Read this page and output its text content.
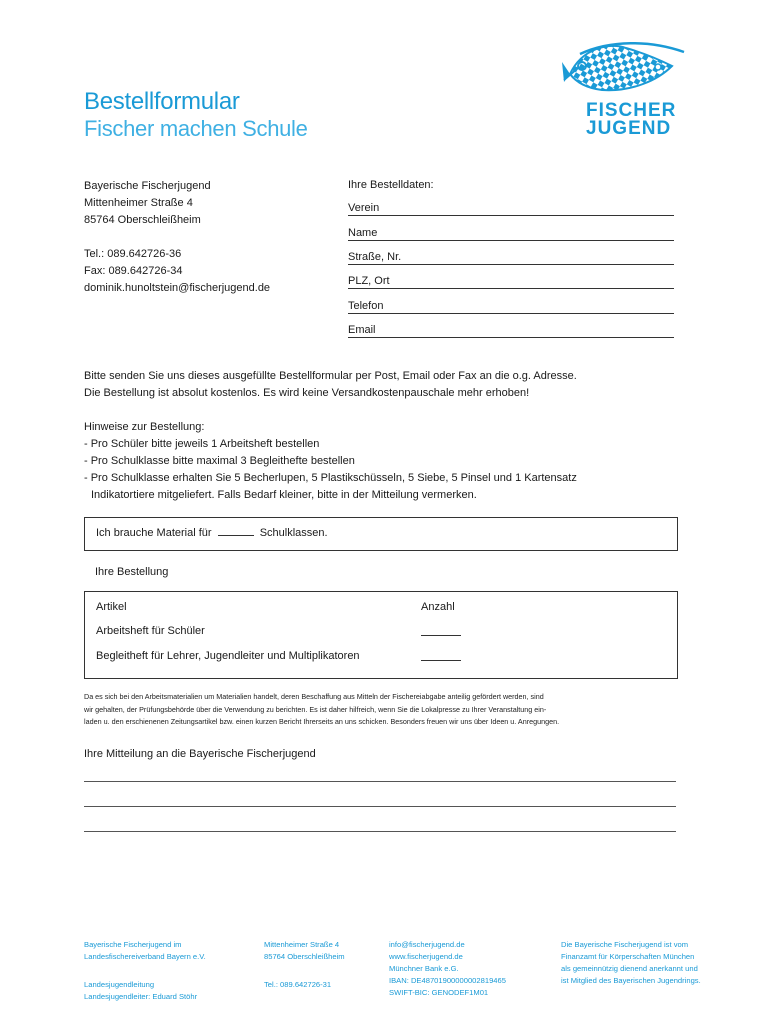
Bestellformular
Fischer machen Schule
FISCHER
JUGEND
Bayerische Fischerjugend
Mittenheimer Straße 4
85764 Oberschleißheim
Tel.: 089.642726-36
Fax: 089.642726-34
dominik.hunoltstein@fischerjugend.de
Ihre Bestelldaten:
Verein
Name
Straße, Nr.
PLZ, Ort
Telefon
Email
Bitte senden Sie uns dieses ausgefüllte Bestellformular per Post, Email oder Fax an die o.g. Adresse.
Die Bestellung ist absolut kostenlos. Es wird keine Versandkostenpauschale mehr erhoben!
Hinweise zur Bestellung:
- Pro Schüler bitte jeweils 1 Arbeitsheft bestellen
- Pro Schulklasse bitte maximal 3 Begleithefte bestellen
- Pro Schulklasse erhalten Sie 5 Becherlupen, 5 Plastikschüsseln, 5 Siebe, 5 Pinsel und 1 Kartensatz
Indikatortiere mitgeliefert. Falls Bedarf kleiner, bitte in der Mitteilung vermerken.
Ich brauche Material für	Schulklassen.
Ihre Bestellung
Artikel	Anzahl
Arbeitsheft für Schüler
Begleitheft für Lehrer, Jugendleiter und Multiplikatoren
Da es sich bei den Arbeitsmaterialien um Materialien handelt, deren Beschaffung aus Mitteln der Fischereiabgabe anteilig gefördert werden, sind
wir gehalten, der Prüfungsbehörde über die Verwendung zu berichten. Es ist daher hilfreich, wenn Sie die Lokalpresse zu Ihrer Veranstaltung ein-
laden u. den erschienenen Zeitungsartikel bzw. einen kurzen Bericht Ihrerseits an uns schicken. Besonders freuen wir uns über Ideen u. Anregungen.
Ihre Mitteilung an die Bayerische Fischerjugend
Bayerische Fischerjugend im
Landesfischereiverband Bayern e.V.
Landesjugendleitung
Landesjugendleiter: Eduard Stöhr
Mittenheimer Straße 4
85764 Oberschleißheim
Tel.: 089.642726-31
info@fischerjugend.de
www.fischerjugend.de
Münchner Bank e.G.
IBAN: DE48701900000002819465
SWIFT-BIC: GENODEF1M01
Die Bayerische Fischerjugend ist vom
Finanzamt für Körperschaften München
als gemeinnützig dienend anerkannt und
ist Mitglied des Bayerischen Jugendrings.
